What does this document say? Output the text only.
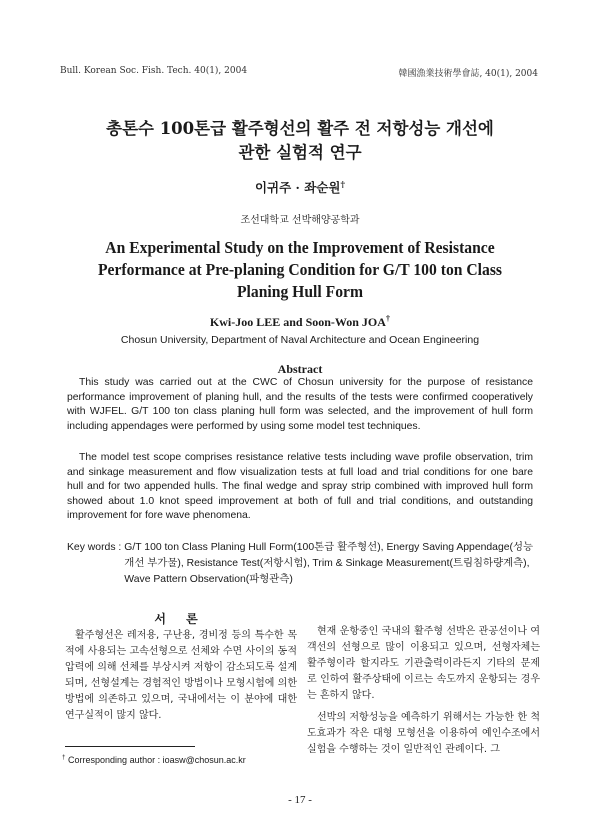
Bull. Korean Soc. Fish. Tech. 40(1), 2004	韓國漁業技術學會誌, 40(1), 2004
총톤수 100톤급 활주형선의 활주 전 저항성능 개선에
관한 실험적 연구
이귀주 · 좌순원†
조선대학교 선박해양공학과
An Experimental Study on the Improvement of Resistance
Performance at Pre-planing Condition for G/T 100 ton Class
Planing Hull Form
Kwi-Joo LEE and Soon-Won JOA†
Chosun University, Department of Naval Architecture and Ocean Engineering
Abstract

This study was carried out at the CWC of Chosun university for the purpose of resistance performance improvement of planing hull, and the results of the tests were confirmed cooperatively with WJFEL. G/T 100 ton class planing hull form was selected, and the improvement of hull form including appendages were performed by using some model test techniques.

The model test scope comprises resistance relative tests including wave profile observation, trim and sinkage measurement and flow visualization tests at full load and trial conditions for one bare hull and for two appended hulls. The final wedge and spray strip combined with improved hull form showed about 1.0 knot speed improvement at both of full and trial conditions, and outstanding improvement for fore wave phenomena.

Key words : G/T 100 ton Class Planing Hull Form(100톤급 활주형선), Energy Saving Appendage(성능 개선 부가물), Resistance Test(저항시험), Trim & Sinkage Measurement(트림침하량계측), Wave Pattern Observation(파형관측)
서 론

활주형선은 레저용, 구난용, 경비정 등의 특수한 목적에 사용되는 고속선형으로 선체와 수면 사이의 동적 압력에 의해 선체를 부상시켜 저항이 감소되도록 설계되며, 선형설계는 경험적인 방법이나 모형시험에 의한 방법에 의존하고 있으며, 국내에서는 이 분야에 대한 연구실적이 많지 않다.

현재 운항중인 국내의 활주형 선박은 관공선이나 여객선의 선형으로 많이 이용되고 있으며, 선형자체는 활주형이라 할지라도 기관출력이라든지 기타의 문제로 인하여 활주상태에 이르는 속도까지 운항되는 경우는 흔하지 않다.

선박의 저항성능을 예측하기 위해서는 가능한 한 척도효과가 작은 대형 모형선을 이용하여 예인수조에서 실험을 수행하는 것이 일반적인 관례이다. 그

† Corresponding author : ioasw@chosun.ac.kr
- 17 -
